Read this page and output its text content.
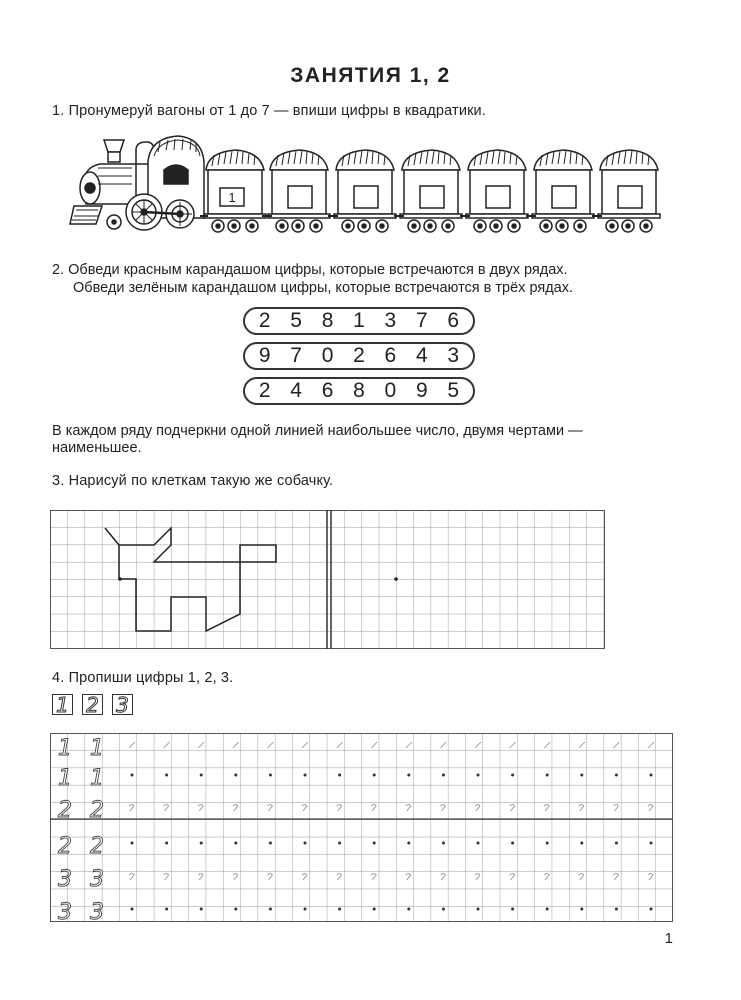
ЗАНЯТИЯ 1, 2
1. Пронумеруй вагоны от 1 до 7 — впиши цифры в квадратики.
1
2. Обведи красным карандашом цифры, которые встречаются в двух рядах.
Обведи зелёным карандашом цифры, которые встречаются в трёх рядах.
2 5 8 1 3 7 6
9 7 0 2 6 4 3
2 4 6 8 0 9 5
В каждом ряду подчеркни одной линией наибольшее число, двумя чертами —
наименьшее.
3. Нарисуй по клеткам такую же собачку.
4. Пропиши цифры 1, 2, 3.
1 2 3
1 1
1 1
2 2
2 2
3 3
3 3
1
